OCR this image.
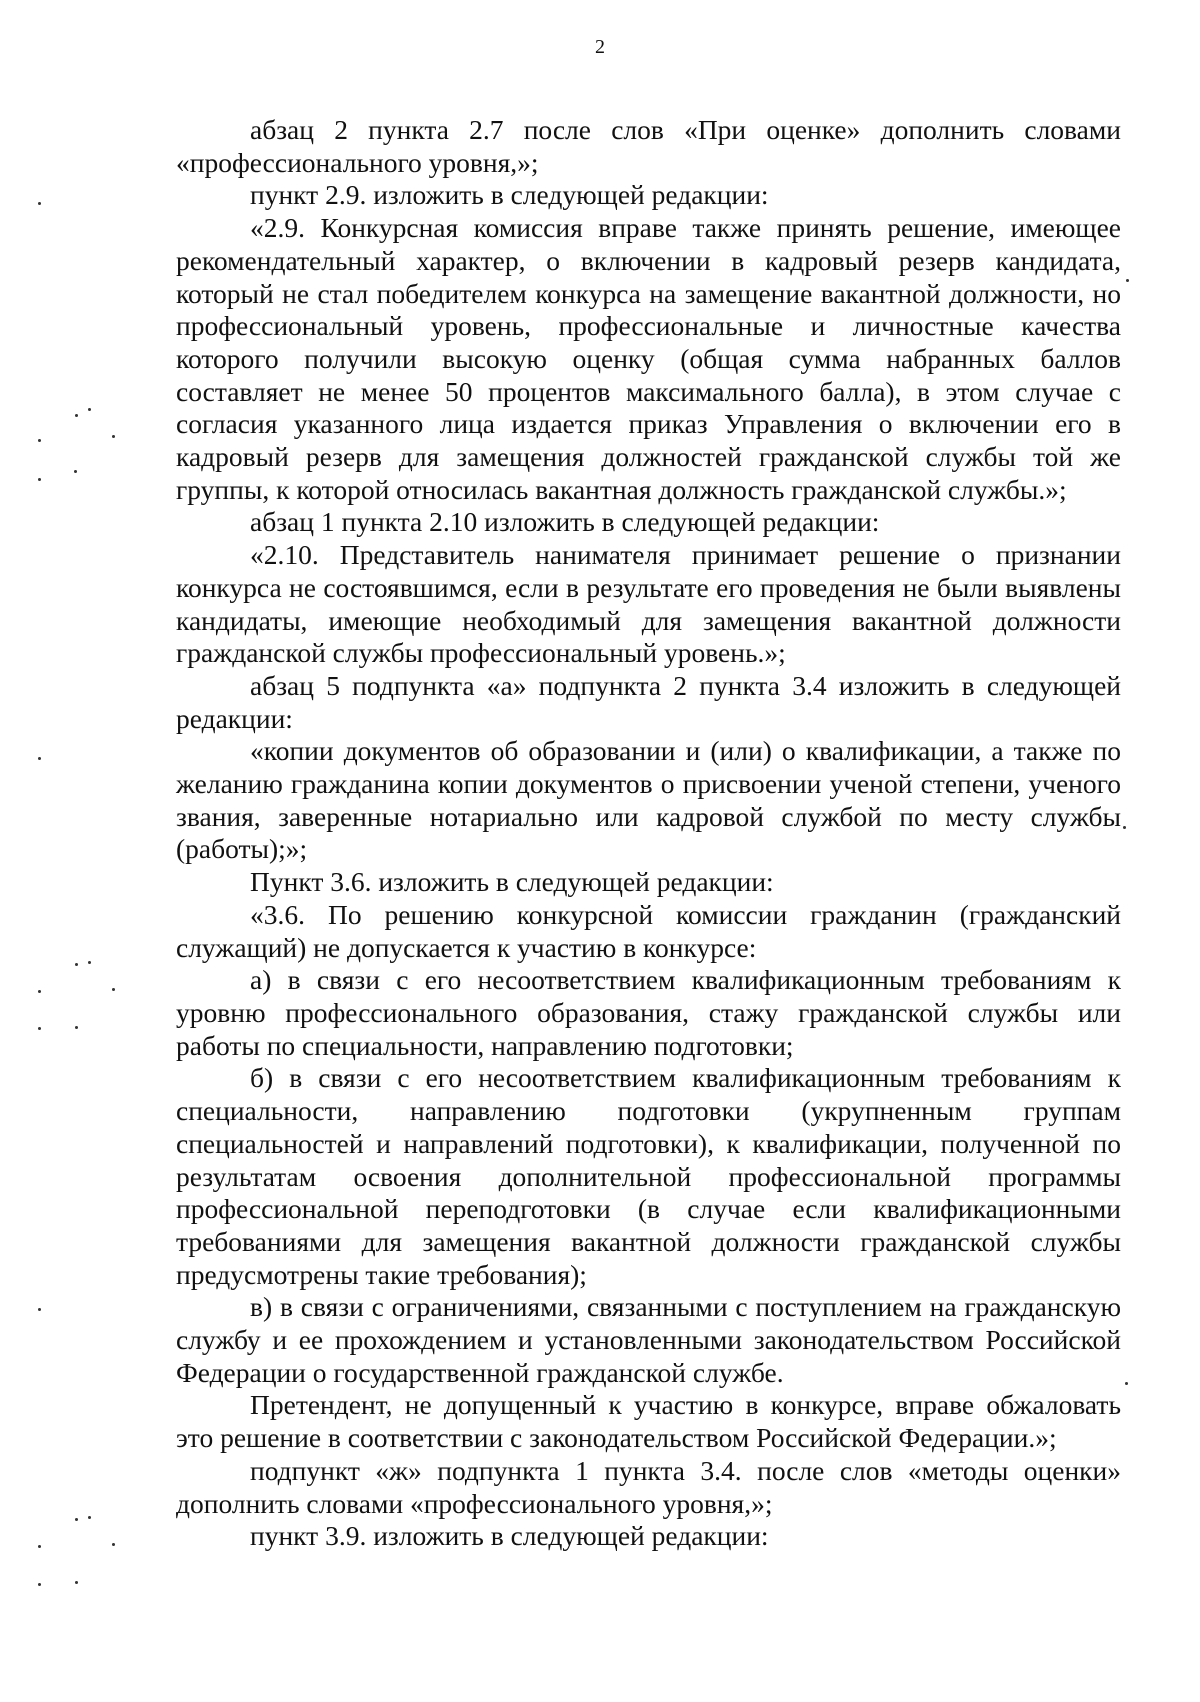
2

абзац 2 пункта 2.7 после слов «При оценке» дополнить словами «профессионального уровня,»;

пункт 2.9. изложить в следующей редакции:

«2.9. Конкурсная комиссия вправе также принять решение, имеющее рекомендательный характер, о включении в кадровый резерв кандидата, который не стал победителем конкурса на замещение вакантной должности, но профессиональный уровень, профессиональные и личностные качества которого получили высокую оценку (общая сумма набранных баллов составляет не менее 50 процентов максимального балла), в этом случае с согласия указанного лица издается приказ Управления о включении его в кадровый резерв для замещения должностей гражданской службы той же группы, к которой относилась вакантная должность гражданской службы.»;

абзац 1 пункта 2.10 изложить в следующей редакции:

«2.10. Представитель нанимателя принимает решение о признании конкурса не состоявшимся, если в результате его проведения не были выявлены кандидаты, имеющие необходимый для замещения вакантной должности гражданской службы профессиональный уровень.»;

абзац 5 подпункта «а» подпункта 2 пункта 3.4 изложить в следующей редакции:

«копии документов об образовании и (или) о квалификации, а также по желанию гражданина копии документов о присвоении ученой степени, ученого звания, заверенные нотариально или кадровой службой по месту службы (работы);»;

Пункт 3.6. изложить в следующей редакции:

«3.6. По решению конкурсной комиссии гражданин (гражданский служащий) не допускается к участию в конкурсе:

а) в связи с его несоответствием квалификационным требованиям к уровню профессионального образования, стажу гражданской службы или работы по специальности, направлению подготовки;

б) в связи с его несоответствием квалификационным требованиям к специальности, направлению подготовки (укрупненным группам специальностей и направлений подготовки), к квалификации, полученной по результатам освоения дополнительной профессиональной программы профессиональной переподготовки (в случае если квалификационными требованиями для замещения вакантной должности гражданской службы предусмотрены такие требования);

в) в связи с ограничениями, связанными с поступлением на гражданскую службу и ее прохождением и установленными законодательством Российской Федерации о государственной гражданской службе.

Претендент, не допущенный к участию в конкурсе, вправе обжаловать это решение в соответствии с законодательством Российской Федерации.»;

подпункт «ж» подпункта 1 пункта 3.4. после слов «методы оценки» дополнить словами «профессионального уровня,»;

пункт 3.9. изложить в следующей редакции:
